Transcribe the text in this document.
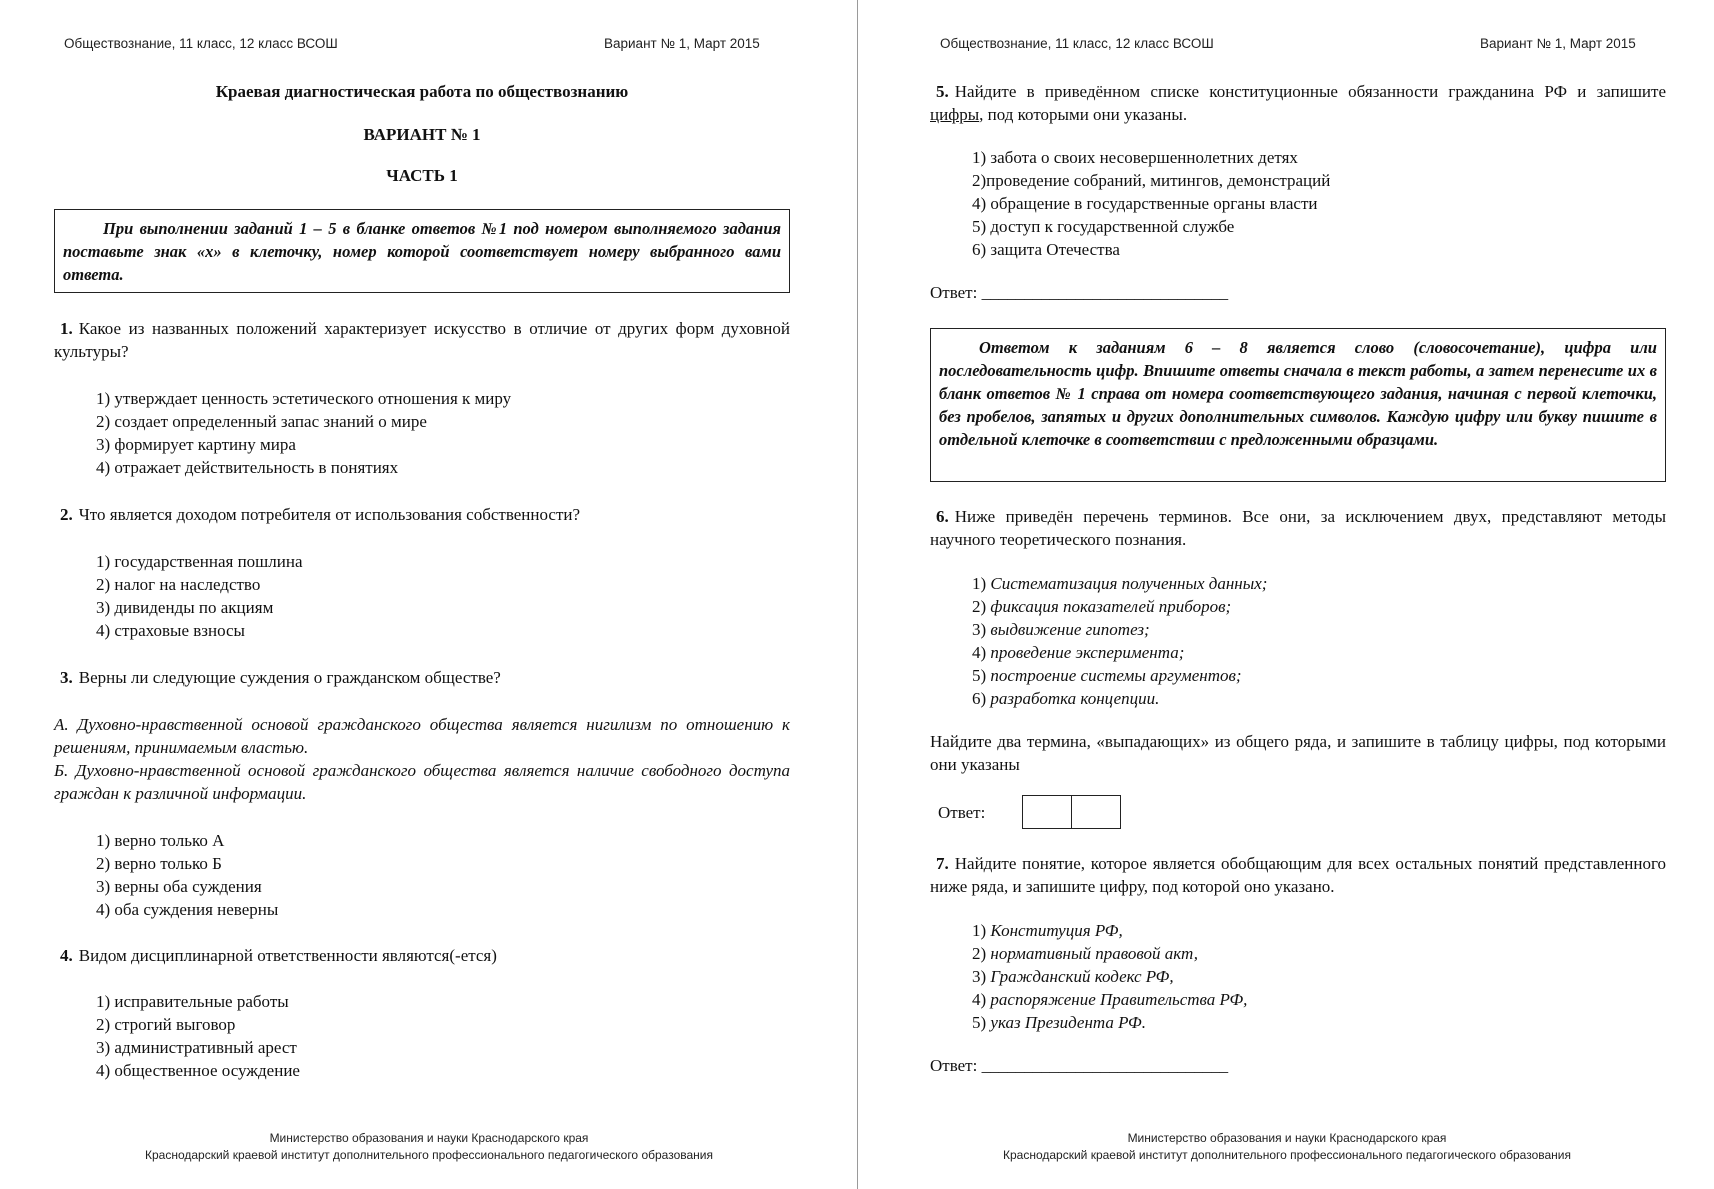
Обществознание, 11 класс, 12 класс ВСОШ	Вариант № 1, Март 2015
Краевая диагностическая работа по обществознанию
ВАРИАНТ № 1
ЧАСТЬ 1
При выполнении заданий 1 – 5 в бланке ответов №1 под номером выполняемого задания поставьте знак «х» в клеточку, номер которой соответствует номеру выбранного вами ответа.
1. Какое из названных положений характеризует искусство в отличие от других форм духовной культуры?
1) утверждает ценность эстетического отношения к миру
2) создает определенный запас знаний о мире
3) формирует картину мира
4) отражает действительность в понятиях
2. Что является доходом потребителя от использования собственности?
1) государственная пошлина
2) налог на наследство
3) дивиденды по акциям
4) страховые взносы
3. Верны ли следующие суждения о гражданском обществе?
А. Духовно-нравственной основой гражданского общества является нигилизм по отношению к решениям, принимаемым властью.
Б. Духовно-нравственной основой гражданского общества является наличие свободного доступа граждан к различной информации.
1) верно только А
2) верно только Б
3) верны оба суждения
4) оба суждения неверны
4. Видом дисциплинарной ответственности являются(-ется)
1) исправительные работы
2) строгий выговор
3) административный арест
4) общественное осуждение
Министерство образования и науки Краснодарского края
Краснодарский краевой институт дополнительного профессионального педагогического образования
Обществознание, 11 класс, 12 класс ВСОШ	Вариант № 1, Март 2015
5. Найдите в приведённом списке конституционные обязанности гражданина РФ и запишите цифры, под которыми они указаны.
1) забота о своих несовершеннолетних детях
2)проведение собраний, митингов, демонстраций
4) обращение в государственные органы власти
5) доступ к государственной службе
6) защита Отечества
Ответ: _____________________________
Ответом к заданиям 6 – 8 является слово (словосочетание), цифра или последовательность цифр. Впишите ответы сначала в текст работы, а затем перенесите их в бланк ответов № 1 справа от номера соответствующего задания, начиная с первой клеточки, без пробелов, запятых и других дополнительных символов. Каждую цифру или букву пишите в отдельной клеточке в соответствии с предложенными образцами.
6. Ниже приведён перечень терминов. Все они, за исключением двух, представляют методы научного теоретического познания.
1) Систематизация полученных данных;
2) фиксация показателей приборов;
3) выдвижение гипотез;
4) проведение эксперимента;
5) построение системы аргументов;
6) разработка концепции.
Найдите два термина, «выпадающих» из общего ряда, и запишите в таблицу цифры, под которыми они указаны
Ответ:
7. Найдите понятие, которое является обобщающим для всех остальных понятий представленного ниже ряда, и запишите цифру, под которой оно указано.
1) Конституция РФ,
2) нормативный правовой акт,
3) Гражданский кодекс РФ,
4) распоряжение Правительства РФ,
5) указ Президента РФ.
Ответ: _____________________________
Министерство образования и науки Краснодарского края
Краснодарский краевой институт дополнительного профессионального педагогического образования
